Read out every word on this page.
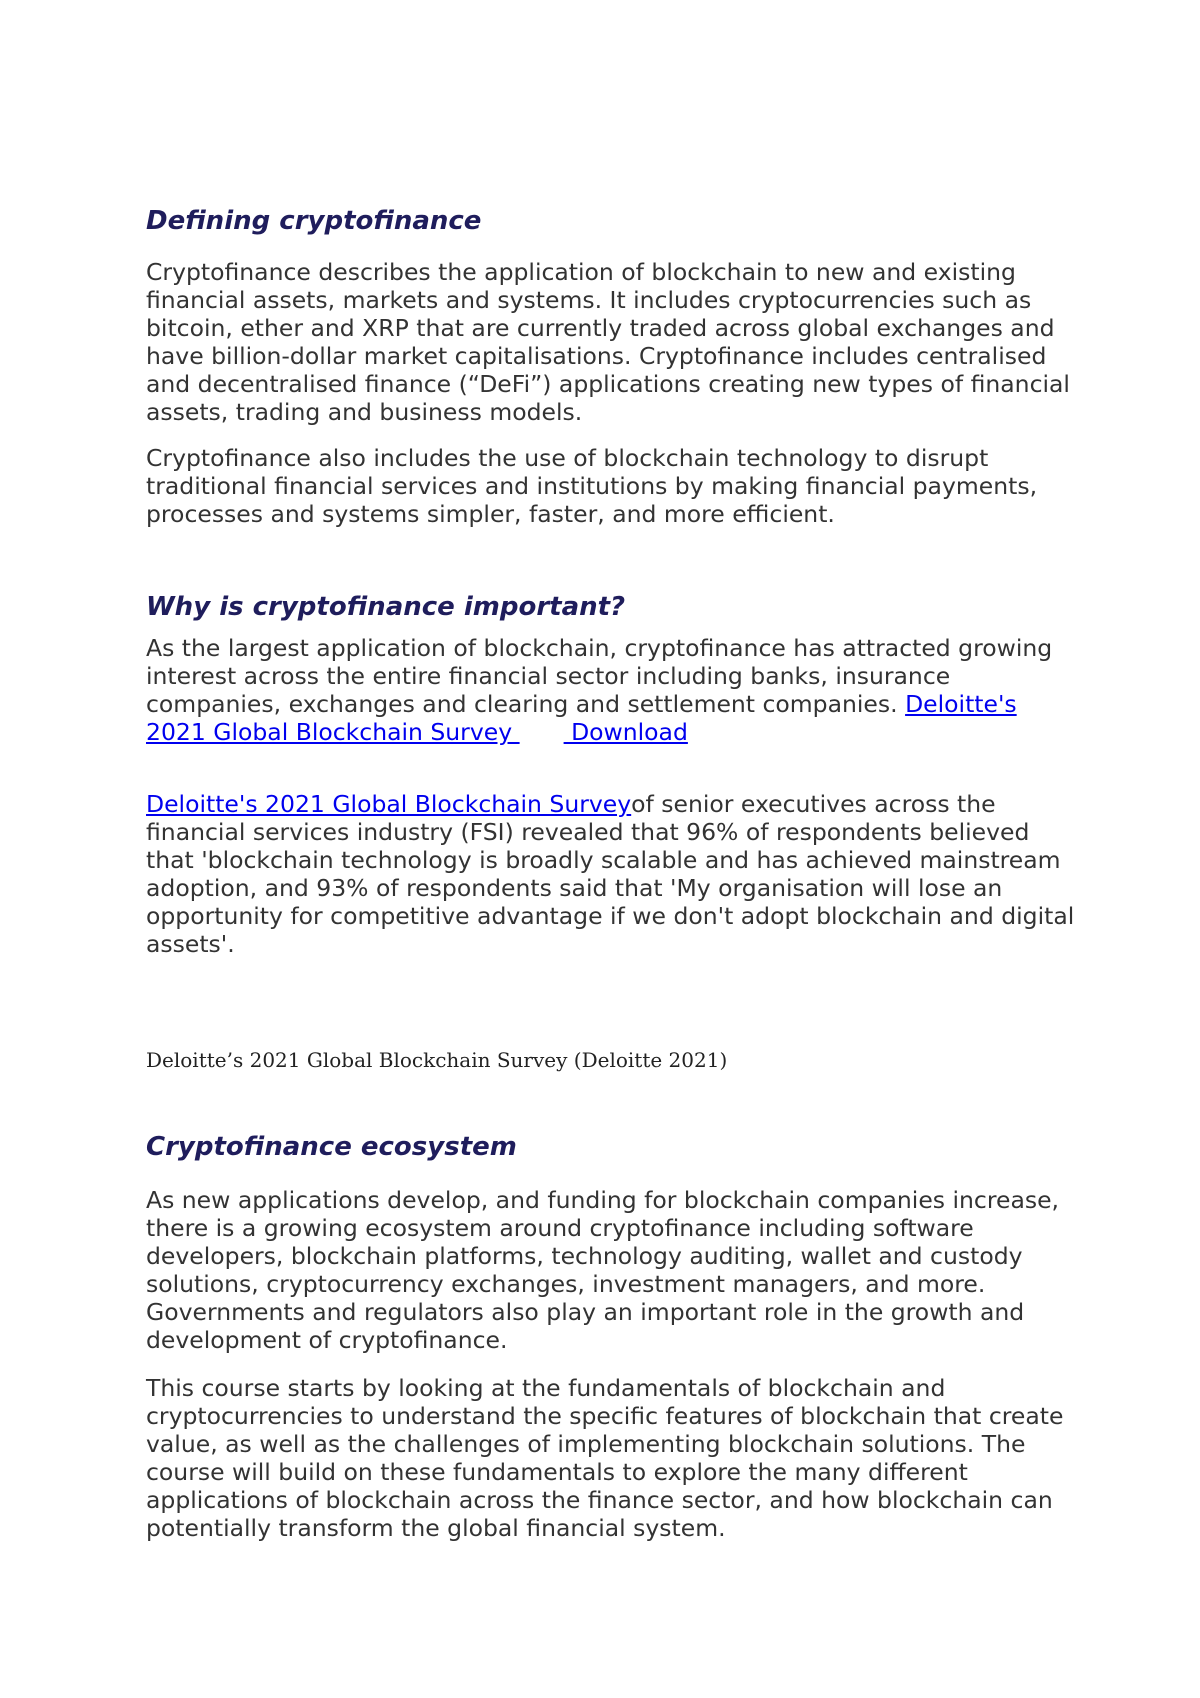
Defining cryptofinance

Cryptofinance describes the application of blockchain to new and existing financial assets, markets and systems. It includes cryptocurrencies such as bitcoin, ether and XRP that are currently traded across global exchanges and have billion-dollar market capitalisations. Cryptofinance includes centralised and decentralised finance (“DeFi”) applications creating new types of financial assets, trading and business models.

Cryptofinance also includes the use of blockchain technology to disrupt traditional financial services and institutions by making financial payments, processes and systems simpler, faster, and more efficient.

Why is cryptofinance important?

As the largest application of blockchain, cryptofinance has attracted growing interest across the entire financial sector including banks, insurance companies, exchanges and clearing and settlement companies. Deloitte's 2021 Global Blockchain Survey  Download

Deloitte's 2021 Global Blockchain Surveyof senior executives across the financial services industry (FSI) revealed that 96% of respondents believed that 'blockchain technology is broadly scalable and has achieved mainstream adoption, and 93% of respondents said that 'My organisation will lose an opportunity for competitive advantage if we don't adopt blockchain and digital assets'.

Deloitte’s 2021 Global Blockchain Survey (Deloitte 2021)
Cryptofinance ecosystem

As new applications develop, and funding for blockchain companies increase, there is a growing ecosystem around cryptofinance including software developers, blockchain platforms, technology auditing, wallet and custody solutions, cryptocurrency exchanges, investment managers, and more. Governments and regulators also play an important role in the growth and development of cryptofinance.

This course starts by looking at the fundamentals of blockchain and cryptocurrencies to understand the specific features of blockchain that create value, as well as the challenges of implementing blockchain solutions. The course will build on these fundamentals to explore the many different applications of blockchain across the finance sector, and how blockchain can potentially transform the global financial system.
